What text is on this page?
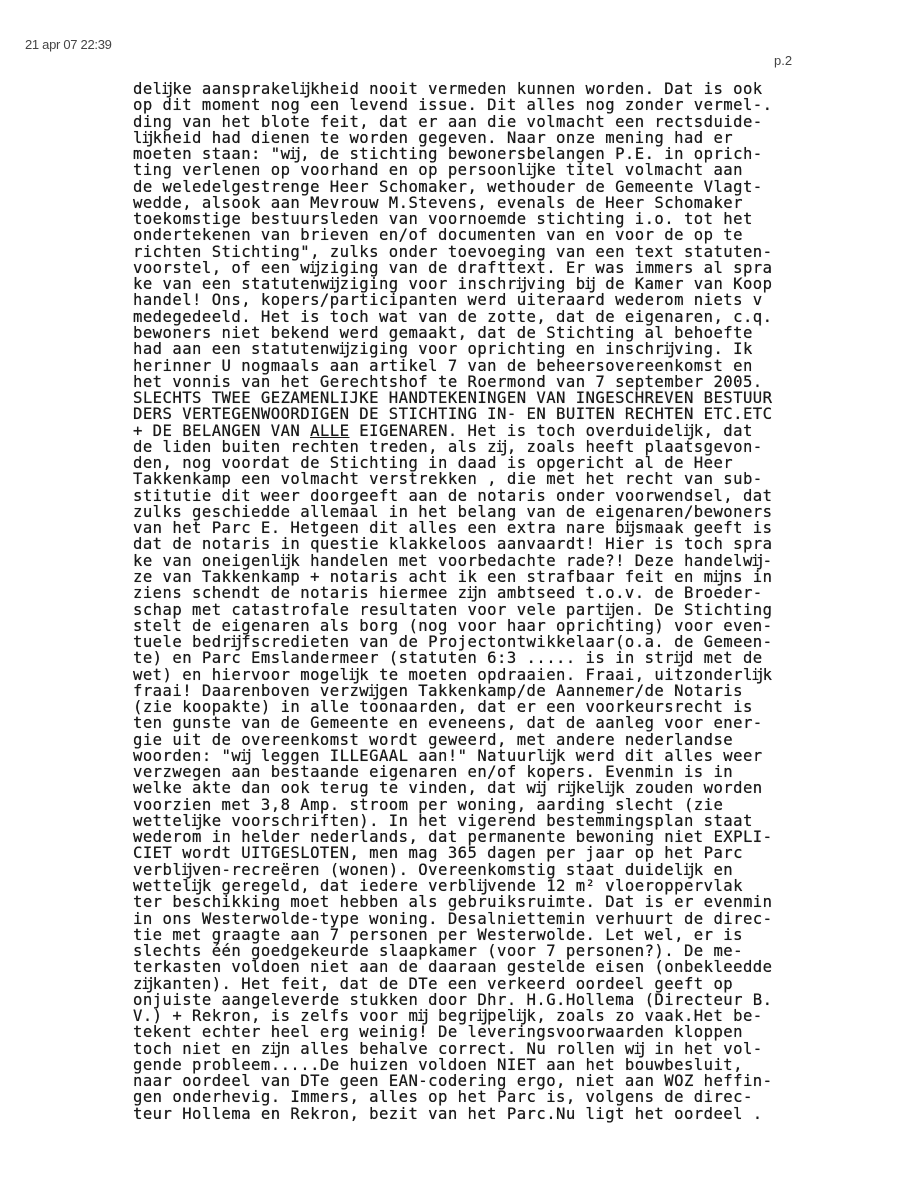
21 apr 07 22:39
p.2
delĳke aansprakelĳkheid nooit vermeden kunnen worden. Dat is ook
op dit moment nog een levend issue. Dit alles nog zonder vermel-.
ding van het blote feit, dat er aan die volmacht een rectsduide-
lĳkheid had dienen te worden gegeven. Naar onze mening had er
moeten staan: "wĳ, de stichting bewonersbelangen P.E. in oprich-
ting verlenen op voorhand en op persoonlĳke titel volmacht aan
de weledelgestrenge Heer Schomaker, wethouder de Gemeente Vlagt-
wedde, alsook aan Mevrouw M.Stevens, evenals de Heer Schomaker
toekomstige bestuursleden van voornoemde stichting i.o. tot het
ondertekenen van brieven en/of documenten van en voor de op te
richten Stichting", zulks onder toevoeging van een text statuten-
voorstel, of een wĳziging van de drafttext. Er was immers al spra
ke van een statutenwĳziging voor inschrĳving bĳ de Kamer van Koop
handel! Ons, kopers/participanten werd uiteraard wederom niets v
medegedeeld. Het is toch wat van de zotte, dat de eigenaren, c.q.
bewoners niet bekend werd gemaakt, dat de Stichting al behoefte
had aan een statutenwĳziging voor oprichting en inschrĳving. Ik
herinner U nogmaals aan artikel 7 van de beheersovereenkomst en
het vonnis van het Gerechtshof te Roermond van 7 september 2005.
SLECHTS TWEE GEZAMENLIJKE HANDTEKENINGEN VAN INGESCHREVEN BESTUUR
DERS VERTEGENWOORDIGEN DE STICHTING IN- EN BUITEN RECHTEN ETC.ETC
+ DE BELANGEN VAN ALLE EIGENAREN. Het is toch overduidelĳk, dat
de liden buiten rechten treden, als zĳ, zoals heeft plaatsgevon-
den, nog voordat de Stichting in daad is opgericht al de Heer
Takkenkamp een volmacht verstrekken , die met het recht van sub-
stitutie dit weer doorgeeft aan de notaris onder voorwendsel, dat
zulks geschiedde allemaal in het belang van de eigenaren/bewoners
van het Parc E. Hetgeen dit alles een extra nare bĳsmaak geeft is
dat de notaris in questie klakkeloos aanvaardt! Hier is toch spra
ke van oneigenlĳk handelen met voorbedachte rade?! Deze handelwĳ-
ze van Takkenkamp + notaris acht ik een strafbaar feit en mĳns in
ziens schendt de notaris hiermee zĳn ambtseed t.o.v. de Broeder-
schap met catastrofale resultaten voor vele partĳen. De Stichting
stelt de eigenaren als borg (nog voor haar oprichting) voor even-
tuele bedrĳfscredieten van de Projectontwikkelaar(o.a. de Gemeen-
te) en Parc Emslandermeer (statuten 6:3 ..... is in strĳd met de
wet) en hiervoor mogelĳk te moeten opdraaien. Fraai, uitzonderlĳk
fraai! Daarenboven verzwĳgen Takkenkamp/de Aannemer/de Notaris
(zie koopakte) in alle toonaarden, dat er een voorkeursrecht is
ten gunste van de Gemeente en eveneens, dat de aanleg voor ener-
gie uit de overeenkomst wordt geweerd, met andere nederlandse
woorden: "wĳ leggen ILLEGAAL aan!" Natuurlĳk werd dit alles weer
verzwegen aan bestaande eigenaren en/of kopers. Evenmin is in
welke akte dan ook terug te vinden, dat wĳ rĳkelĳk zouden worden
voorzien met 3,8 Amp. stroom per woning, aarding slecht (zie
wettelĳke voorschriften). In het vigerend bestemmingsplan staat
wederom in helder nederlands, dat permanente bewoning niet EXPLI-
CIET wordt UITGESLOTEN, men mag 365 dagen per jaar op het Parc
verblĳven-recreëren (wonen). Overeenkomstig staat duidelĳk en
wettelĳk geregeld, dat iedere verblĳvende 12 m² vloeroppervlak
ter beschikking moet hebben als gebruiksruimte. Dat is er evenmin
in ons Westerwolde-type woning. Desalniettemin verhuurt de direc-
tie met graagte aan 7 personen per Westerwolde. Let wel, er is
slechts één goedgekeurde slaapkamer (voor 7 personen?). De me-
terkasten voldoen niet aan de daaraan gestelde eisen (onbekleedde
zĳkanten). Het feit, dat de DTe een verkeerd oordeel geeft op
onjuiste aangeleverde stukken door Dhr. H.G.Hollema (Directeur B.
V.) + Rekron, is zelfs voor mĳ begrĳpelĳk, zoals zo vaak.Het be-
tekent echter heel erg weinig! De leveringsvoorwaarden kloppen
toch niet en zĳn alles behalve correct. Nu rollen wĳ in het vol-
gende probleem.....De huizen voldoen NIET aan het bouwbesluit,
naar oordeel van DTe geen EAN-codering ergo, niet aan WOZ heffin-
gen onderhevig. Immers, alles op het Parc is, volgens de direc-
teur Hollema en Rekron, bezit van het Parc.Nu ligt het oordeel .
